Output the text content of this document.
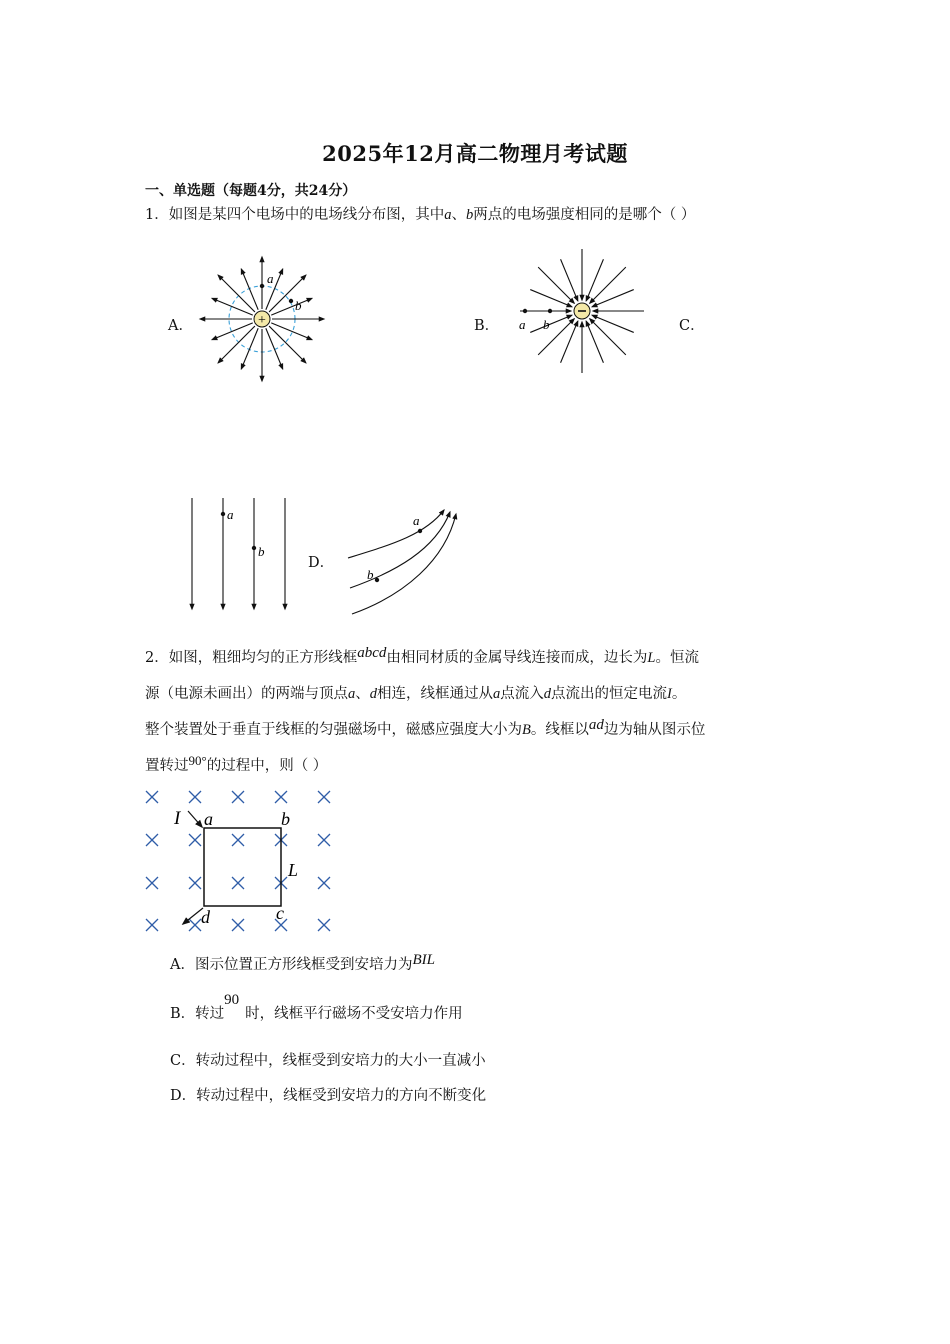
2025年12月高二物理月考试题
一、单选题（每题4分，共24分）
1．如图是某四个电场中的电场线分布图，其中a、b两点的电场强度相同的是哪个（ ）
A．	B．	C．
D．
+
a
b
a b
a
b
a
b
2．如图，粗细均匀的正方形线框abcd由相同材质的金属导线连接而成，边长为L。恒流
源（电源未画出）的两端与顶点a、d相连，线框通过从a点流入d点流出的恒定电流I。
整个装置处于垂直于线框的匀强磁场中，磁感应强度大小为B。线框以ad边为轴从图示位
置转过90°的过程中，则（ ）
I a	b
L
c
d
A．图示位置正方形线框受到安培力为BIL
B．转过90时，线框平行磁场不受安培力作用
C．转动过程中，线框受到安培力的大小一直减小
D．转动过程中，线框受到安培力的方向不断变化
